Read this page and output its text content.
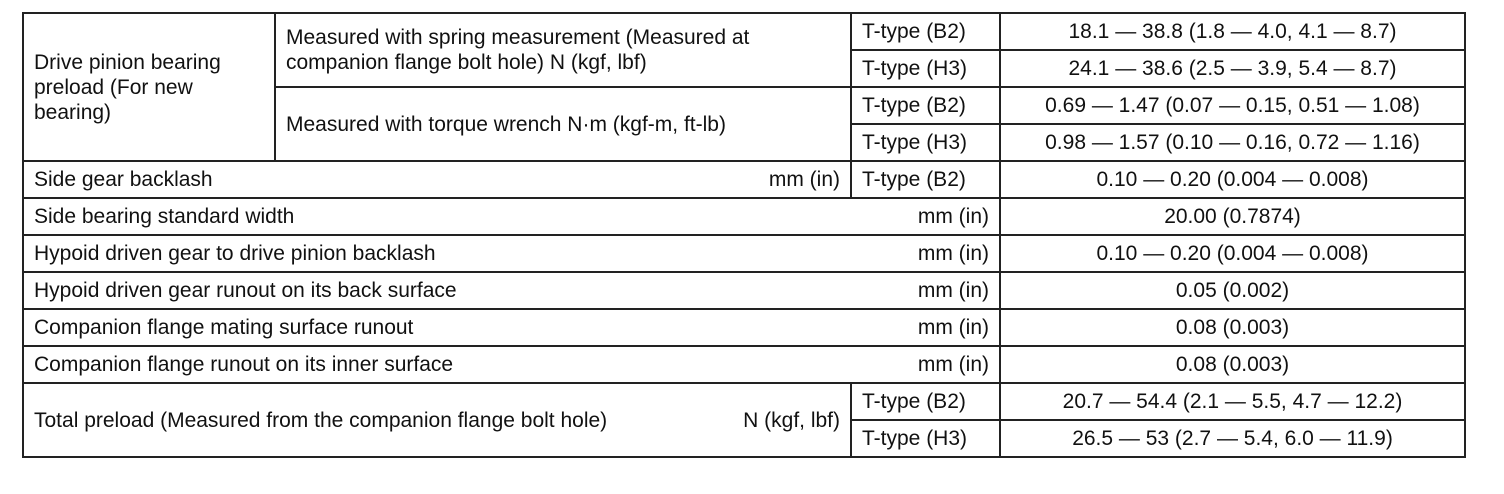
Drive pinion bearing preload (For new bearing)	Measured with spring measurement (Measured at companion flange bolt hole) N (kgf, lbf)	T-type (B2)	18.1 — 38.8 (1.8 — 4.0, 4.1 — 8.7)
		T-type (H3)	24.1 — 38.6 (2.5 — 3.9, 5.4 — 8.7)
	Measured with torque wrench N·m (kgf-m, ft-lb)	T-type (B2)	0.69 — 1.47 (0.07 — 0.15, 0.51 — 1.08)
		T-type (H3)	0.98 — 1.57 (0.10 — 0.16, 0.72 — 1.16)

Side gear backlash mm (in)		T-type (B2)	0.10 — 0.20 (0.004 — 0.008)

Side bearing standard width mm (in)			20.00 (0.7874)

Hypoid driven gear to drive pinion backlash mm (in)			0.10 — 0.20 (0.004 — 0.008)

Hypoid driven gear runout on its back surface mm (in)			0.05 (0.002)

Companion flange mating surface runout mm (in)			0.08 (0.003)

Companion flange runout on its inner surface mm (in)			0.08 (0.003)

Total preload (Measured from the companion flange bolt hole) N (kgf, lbf)		T-type (B2)	20.7 — 54.4 (2.1 — 5.5, 4.7 — 12.2)
		T-type (H3)	26.5 — 53 (2.7 — 5.4, 6.0 — 11.9)
